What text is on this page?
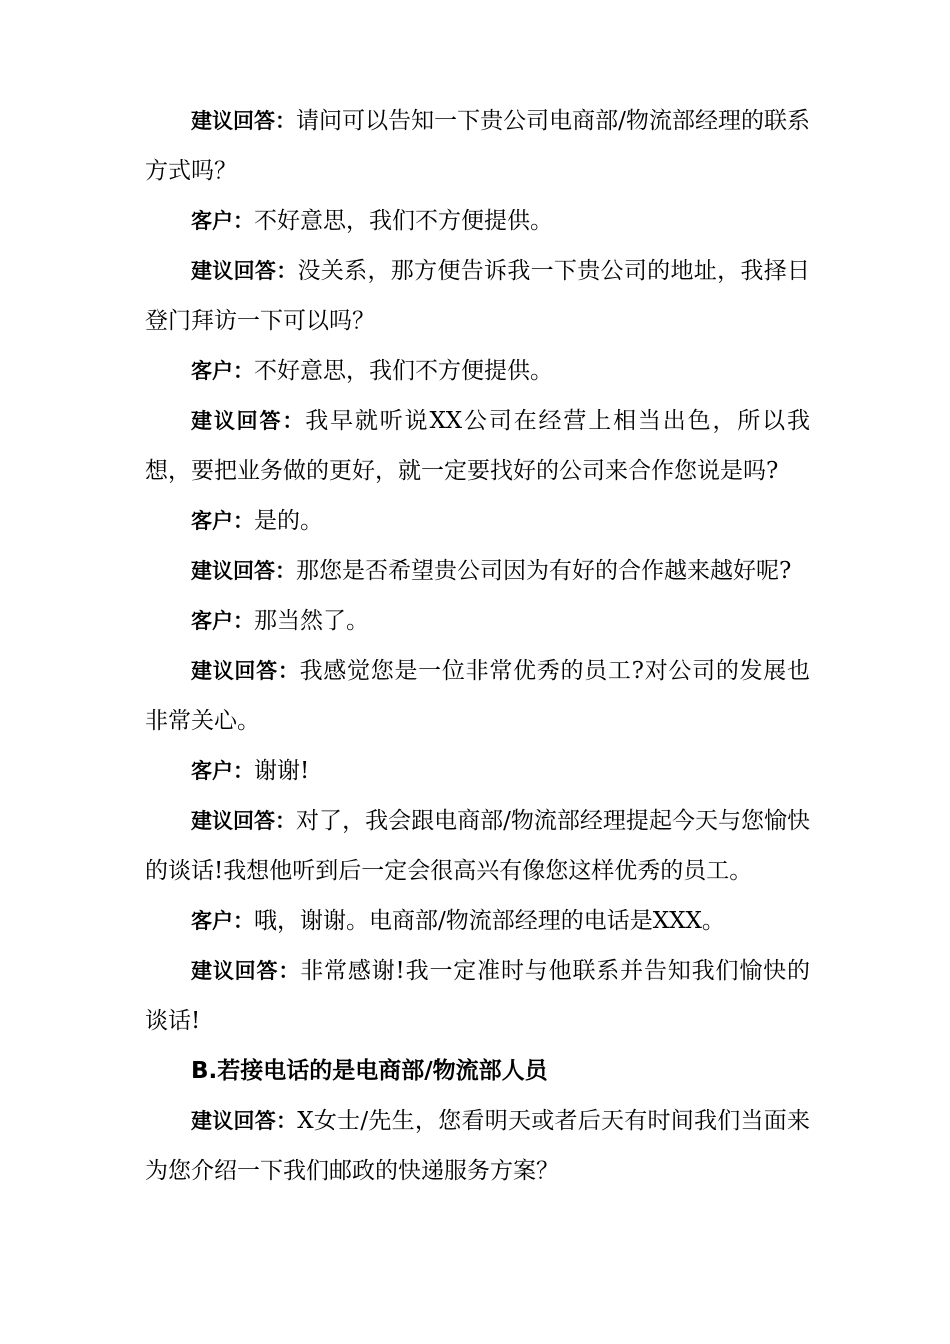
建议回答：请问可以告知一下贵公司电商部/物流部经理的联系方式吗？

客户：不好意思，我们不方便提供。

建议回答：没关系，那方便告诉我一下贵公司的地址，我择日登门拜访一下可以吗？

客户：不好意思，我们不方便提供。

建议回答：我早就听说XX公司在经营上相当出色，所以我想，要把业务做的更好，就一定要找好的公司来合作您说是吗?

客户：是的。

建议回答：那您是否希望贵公司因为有好的合作越来越好呢?

客户：那当然了。

建议回答：我感觉您是一位非常优秀的员工?对公司的发展也非常关心。

客户：谢谢!

建议回答：对了，我会跟电商部/物流部经理提起今天与您愉快的谈话!我想他听到后一定会很高兴有像您这样优秀的员工。

客户：哦，谢谢。电商部/物流部经理的电话是XXX。

建议回答：非常感谢!我一定准时与他联系并告知我们愉快的谈话!

B.若接电话的是电商部/物流部人员

建议回答：X女士/先生，您看明天或者后天有时间我们当面来为您介绍一下我们邮政的快递服务方案？
